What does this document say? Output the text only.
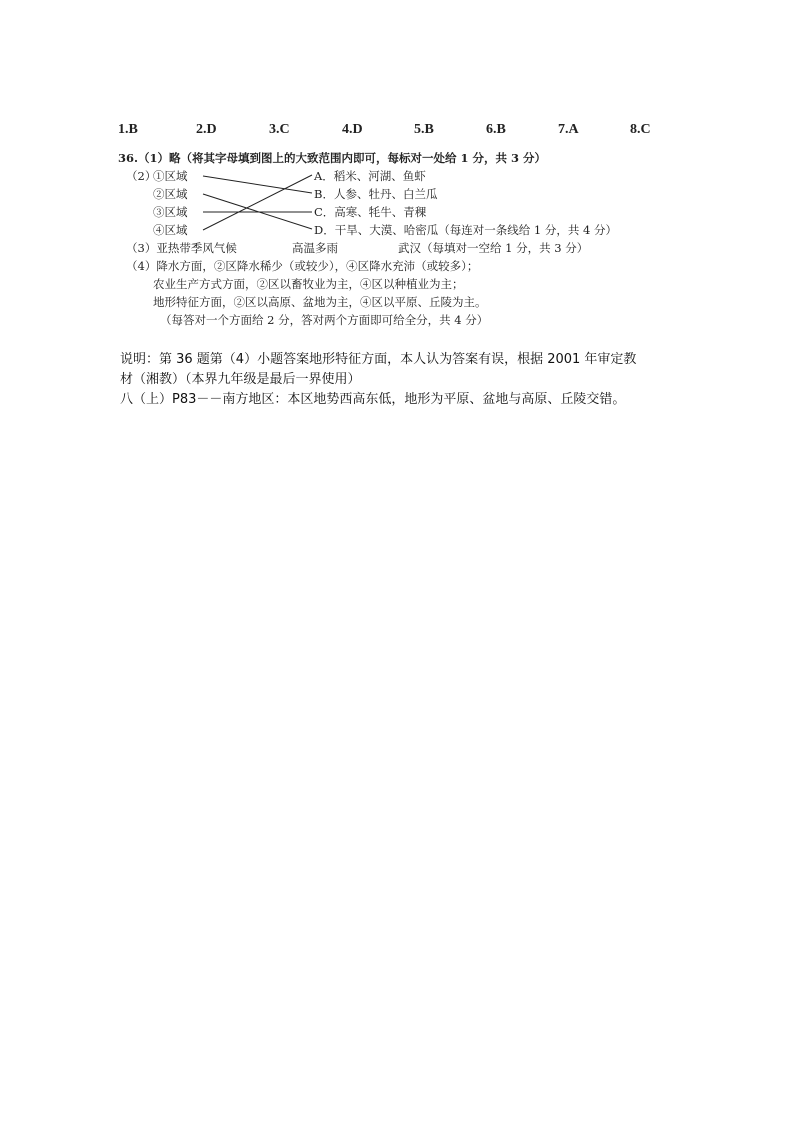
1.B	2.D	3.C	4.D	5.B	6.B	7.A	8.C
36.（1）略（将其字母填到图上的大致范围内即可，每标对一处给 1 分，共 3 分）
（2）
①区域
②区域
③区域
④区域
A．稻米、河湖、鱼虾
B．人参、牡丹、白兰瓜
C．高寒、牦牛、青稞
D．干旱、大漠、哈密瓜（每连对一条线给 1 分，共 4 分）
（3）亚热带季风气候	高温多雨	武汉（每填对一空给 1 分，共 3 分）
（4）降水方面，②区降水稀少（或较少），④区降水充沛（或较多）；
农业生产方式方面，②区以畜牧业为主，④区以种植业为主；
地形特征方面，②区以高原、盆地为主，④区以平原、丘陵为主。
（每答对一个方面给 2 分，答对两个方面即可给全分，共 4 分）
说明：第 36 题第（4）小题答案地形特征方面，本人认为答案有误，根据 2001 年审定教
材（湘教）（本界九年级是最后一界使用）
八（上）P83－－南方地区：本区地势西高东低，地形为平原、盆地与高原、丘陵交错。
